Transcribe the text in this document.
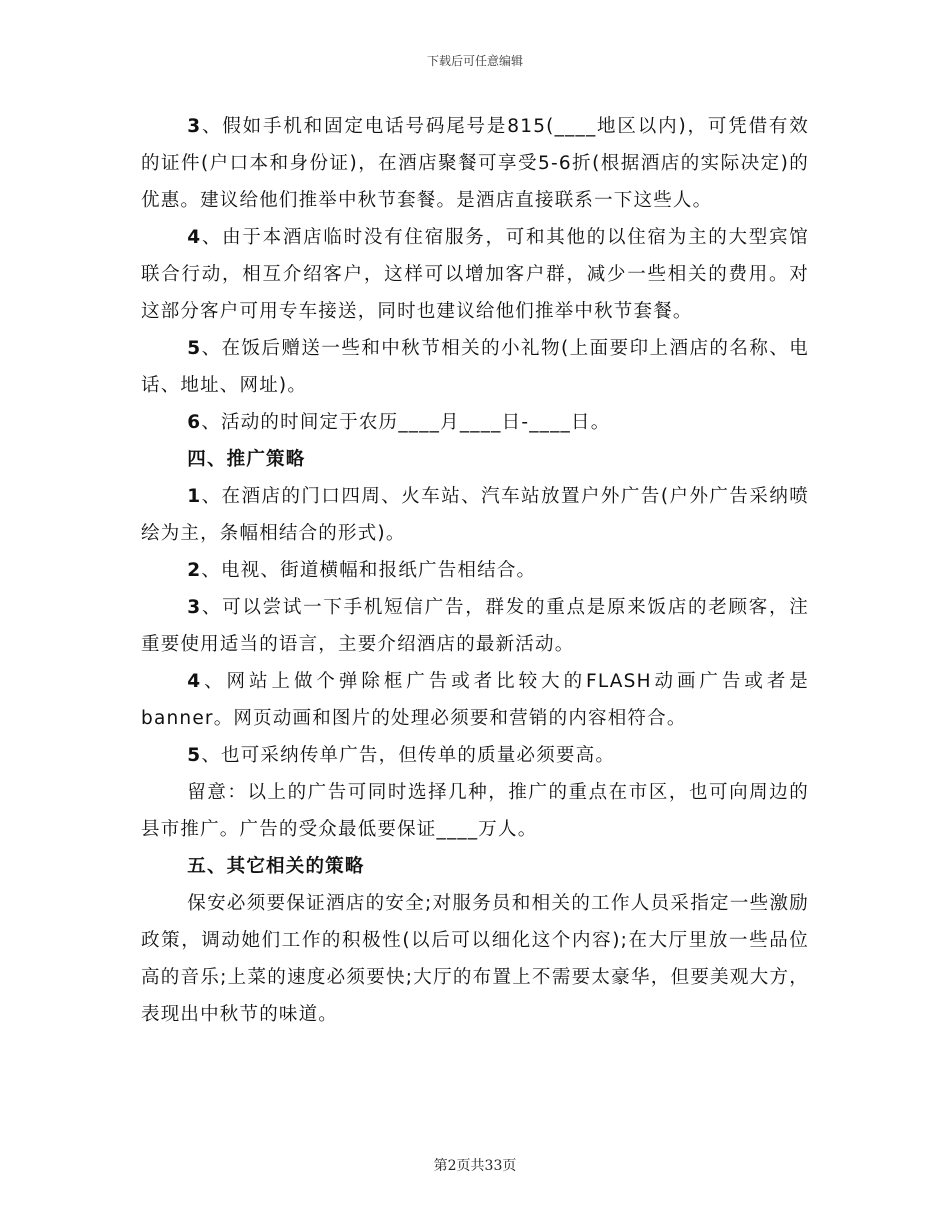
下载后可任意编辑

3、假如手机和固定电话号码尾号是815(____地区以内)，可凭借有效的证件(户口本和身份证)，在酒店聚餐可享受5-6折(根据酒店的实际决定)的优惠。建议给他们推举中秋节套餐。是酒店直接联系一下这些人。

4、由于本酒店临时没有住宿服务，可和其他的以住宿为主的大型宾馆联合行动，相互介绍客户，这样可以增加客户群，减少一些相关的费用。对这部分客户可用专车接送，同时也建议给他们推举中秋节套餐。

5、在饭后赠送一些和中秋节相关的小礼物(上面要印上酒店的名称、电话、地址、网址)。

6、活动的时间定于农历____月____日-____日。

四、推广策略

1、在酒店的门口四周、火车站、汽车站放置户外广告(户外广告采纳喷绘为主，条幅相结合的形式)。

2、电视、街道横幅和报纸广告相结合。

3、可以尝试一下手机短信广告，群发的重点是原来饭店的老顾客，注重要使用适当的语言，主要介绍酒店的最新活动。

4、网站上做个弹除框广告或者比较大的FLASH动画广告或者是banner。网页动画和图片的处理必须要和营销的内容相符合。

5、也可采纳传单广告，但传单的质量必须要高。

留意：以上的广告可同时选择几种，推广的重点在市区，也可向周边的县市推广。广告的受众最低要保证____万人。

五、其它相关的策略

保安必须要保证酒店的安全;对服务员和相关的工作人员采指定一些激励政策，调动她们工作的积极性(以后可以细化这个内容);在大厅里放一些品位高的音乐;上菜的速度必须要快;大厅的布置上不需要太豪华，但要美观大方，表现出中秋节的味道。

第2页共33页
